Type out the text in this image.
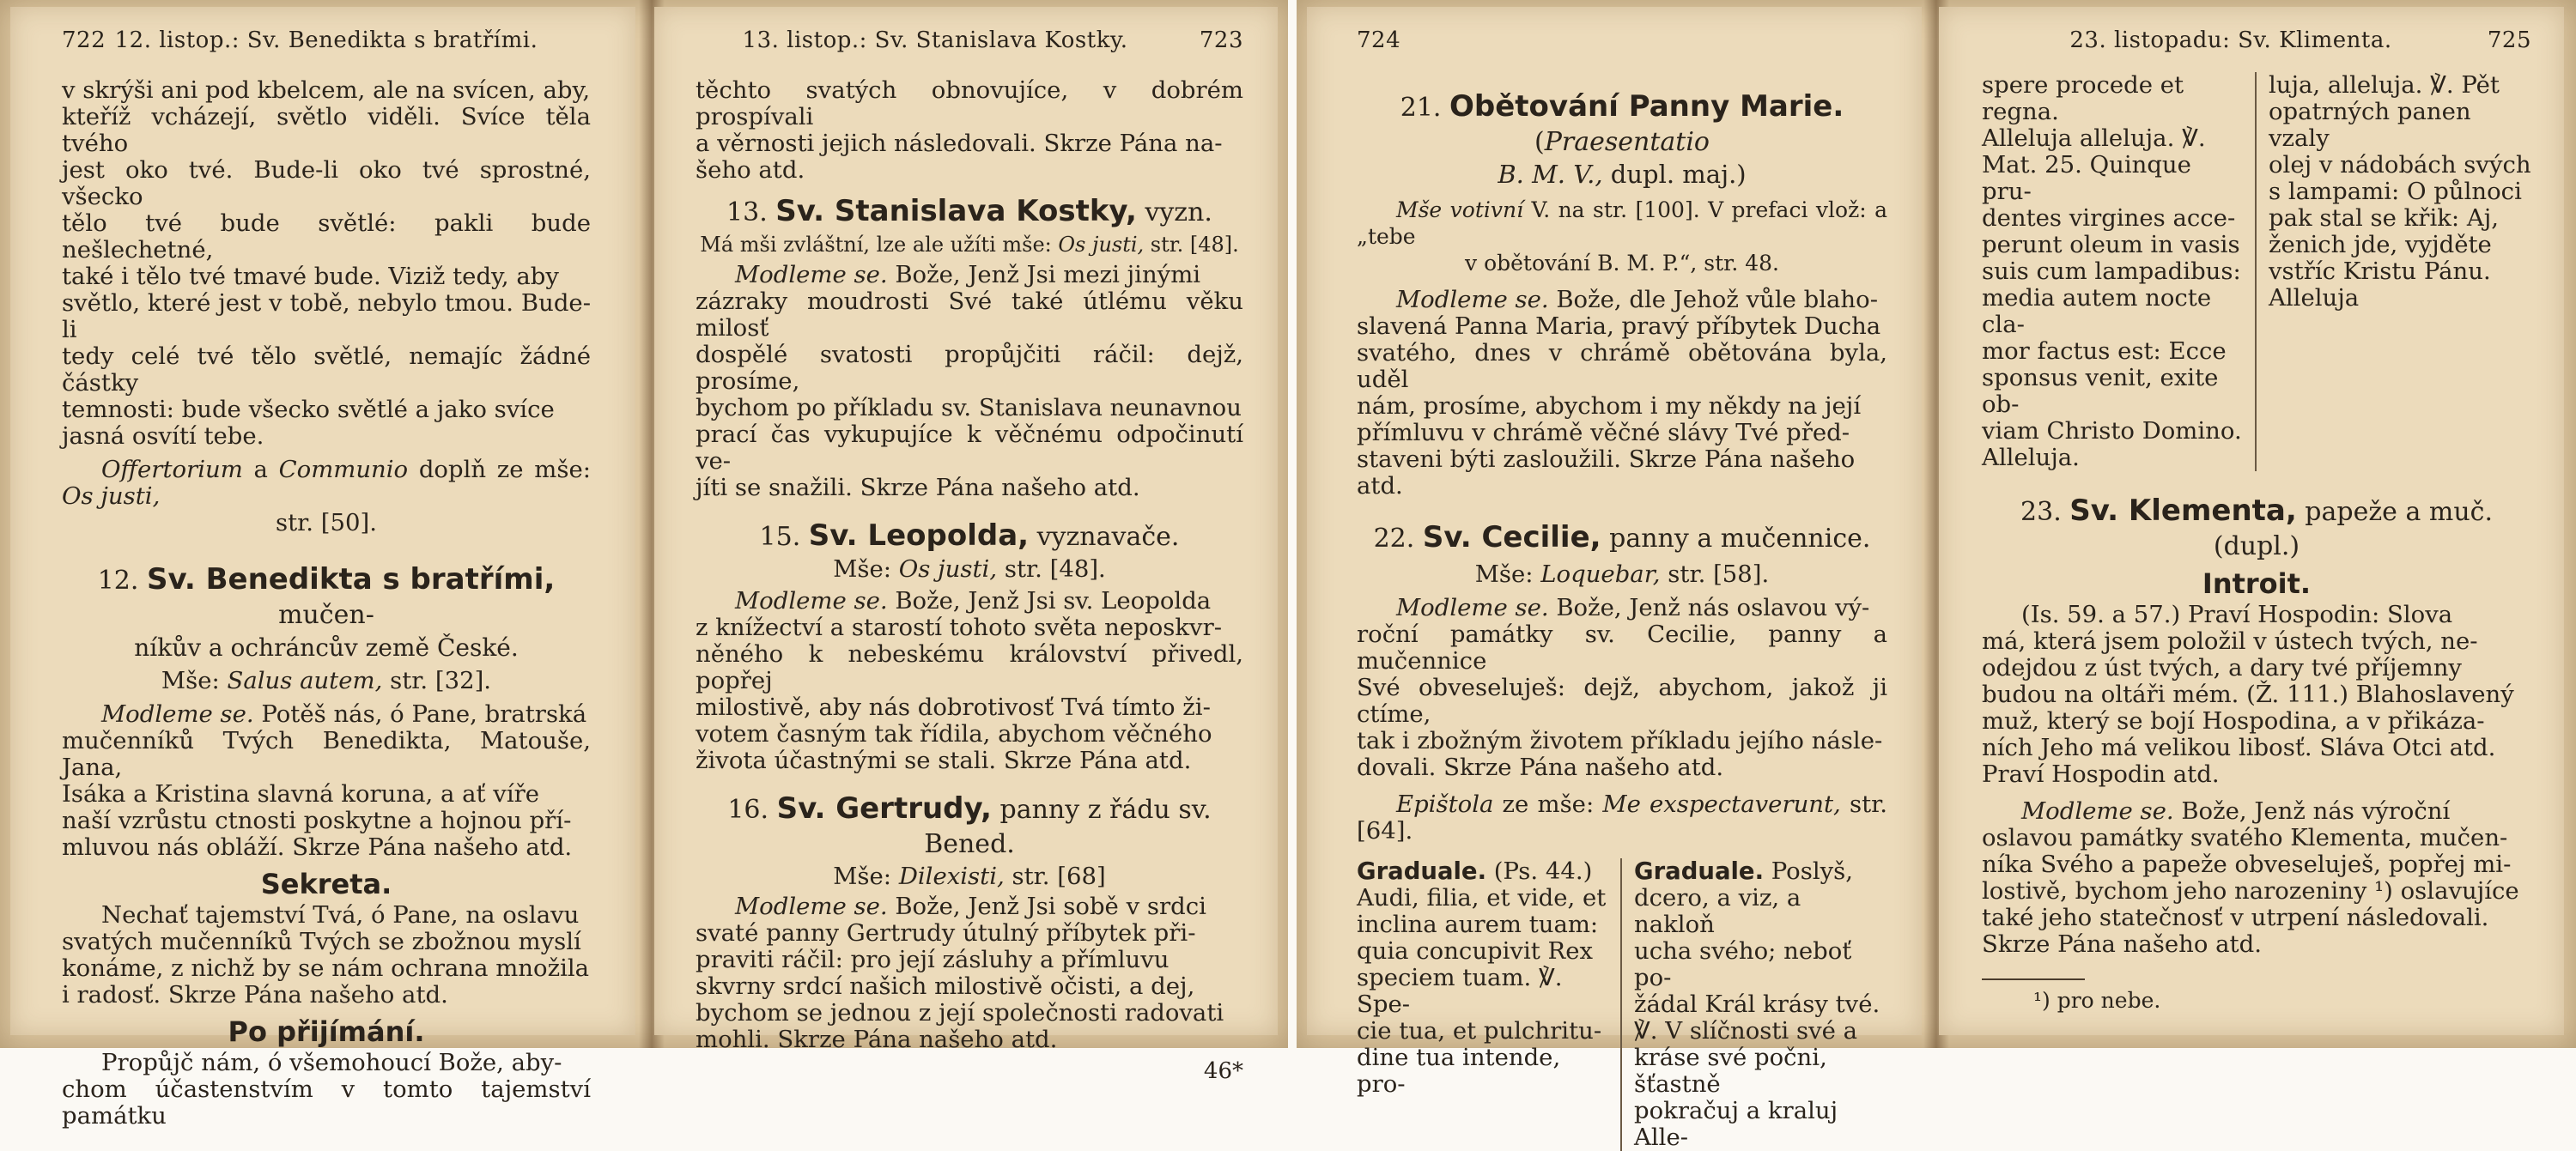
722 12. listop.: Sv. Benedikta s bratřími.

v skrýši ani pod kbelcem, ale na svícen, aby,

kteříž vcházejí, světlo viděli. Svíce těla tvého

jest oko tvé. Bude-li oko tvé sprostné, všecko

tělo tvé bude světlé: pakli bude nešlechetné,

také i tělo tvé tmavé bude. Viziž tedy, aby

světlo, které jest v tobě, nebylo tmou. Bude-li

tedy celé tvé tělo světlé, nemajíc žádné částky

temnosti: bude všecko světlé a jako svíce

jasná osvítí tebe.

Offertorium a Communio doplň ze mše: Os justi,

str. [50].

12. Sv. Benedikta s bratřími, mučen-

níkův a ochráncův země České.

Mše: Salus autem, str. [32].

Modleme se. Potěš nás, ó Pane, bratrská

mučenníků Tvých Benedikta, Matouše, Jana,

Isáka a Kristina slavná koruna, a ať víře

naší vzrůstu ctnosti poskytne a hojnou pří-

mluvou nás obláží. Skrze Pána našeho atd.

Sekreta.

Nechať tajemství Tvá, ó Pane, na oslavu

svatých mučenníků Tvých se zbožnou myslí

konáme, z nichž by se nám ochrana množila

i radosť. Skrze Pána našeho atd.

Po přijímání.

Propůjč nám, ó všemohoucí Bože, aby-

chom účastenstvím v tomto tajemství památku

13. listop.: Sv. Stanislava Kostky.	723

těchto svatých obnovujíce, v dobrém prospívali

a věrnosti jejich následovali. Skrze Pána na-

šeho atd.

13. Sv. Stanislava Kostky, vyzn.

Má mši zvláštní, lze ale užíti mše: Os justi, str. [48].

Modleme se. Bože, Jenž Jsi mezi jinými

zázraky moudrosti Své také útlému věku milosť

dospělé svatosti propůjčiti ráčil: dejž, prosíme,

bychom po příkladu sv. Stanislava neunavnou

prací čas vykupujíce k věčnému odpočinutí ve-

jíti se snažili. Skrze Pána našeho atd.

15. Sv. Leopolda, vyznavače.

Mše: Os justi, str. [48].

Modleme se. Bože, Jenž Jsi sv. Leopolda

z knížectví a starostí tohoto světa neposkvr-

něného k nebeskému království přivedl, popřej

milostivě, aby nás dobrotivosť Tvá tímto ži-

votem časným tak řídila, abychom věčného

života účastnými se stali. Skrze Pána atd.

16. Sv. Gertrudy, panny z řádu sv. Bened.

Mše: Dilexisti, str. [68]

Modleme se. Bože, Jenž Jsi sobě v srdci

svaté panny Gertrudy útulný příbytek při-

praviti ráčil: pro její zásluhy a přímluvu

skvrny srdcí našich milostivě očisti, a dej,

bychom se jednou z její společnosti radovati

mohli. Skrze Pána našeho atd.

46*
724
21. Obětování Panny Marie. (Praesentatio

B. M. V., dupl. maj.)

Mše votivní V. na str. [100]. V prefaci vlož: a „tebe

v obětování B. M. P.“, str. 48.

Modleme se. Bože, dle Jehož vůle blaho-

slavená Panna Maria, pravý příbytek Ducha

svatého, dnes v chrámě obětována byla, uděl

nám, prosíme, abychom i my někdy na její

přímluvu v chrámě věčné slávy Tvé před-

staveni býti zasloužili. Skrze Pána našeho

atd.

22. Sv. Cecilie, panny a mučennice.

Mše: Loquebar, str. [58].

Modleme se. Bože, Jenž nás oslavou vý-

roční památky sv. Cecilie, panny a mučennice

Své obveseluješ: dejž, abychom, jakož ji ctíme,

tak i zbožným životem příkladu jejího násle-

dovali. Skrze Pána našeho atd.

Epištola ze mše: Me exspectaverunt, str. [64].

Graduale. (Ps. 44.)

Audi, filia, et vide, et

inclina aurem tuam:

quia concupivit Rex

speciem tuam. ℣. Spe-

cie tua, et pulchritu-

dine tua intende, pro-

Graduale. Poslyš,

dcero, a viz, a nakloň

ucha svého; neboť po-

žádal Král krásy tvé.

℣. V slíčnosti své a

kráse své počni, šťastně

pokračuj a kraluj Alle-

23. listopadu: Sv. Klimenta.	725

spere procede et regna.

Alleluja alleluja. ℣.

Mat. 25. Quinque pru-

dentes virgines acce-

perunt oleum in vasis

suis cum lampadibus:

media autem nocte cla-

mor factus est: Ecce

sponsus venit, exite ob-

viam Christo Domino.

Alleluja.

luja, alleluja. ℣. Pět

opatrných panen vzaly

olej v nádobách svých

s lampami: O půlnoci

pak stal se křik: Aj,

ženich jde, vyjděte

vstříc Kristu Pánu.

Alleluja

23. Sv. Klementa, papeže a muč. (dupl.)
Introit.

(Is. 59. a 57.) Praví Hospodin: Slova

má, která jsem položil v ústech tvých, ne-

odejdou z úst tvých, a dary tvé příjemny

budou na oltáři mém. (Ž. 111.) Blahoslavený

muž, který se bojí Hospodina, a v přikáza-

ních Jeho má velikou libosť. Sláva Otci atd.

Praví Hospodin atd.

Modleme se. Bože, Jenž nás výroční

oslavou památky svatého Klementa, mučen-

níka Svého a papeže obveseluješ, popřej mi-

lostivě, bychom jeho narozeniny ¹) oslavujíce

také jeho statečnosť v utrpení následovali.

Skrze Pána našeho atd.

¹) pro nebe.
